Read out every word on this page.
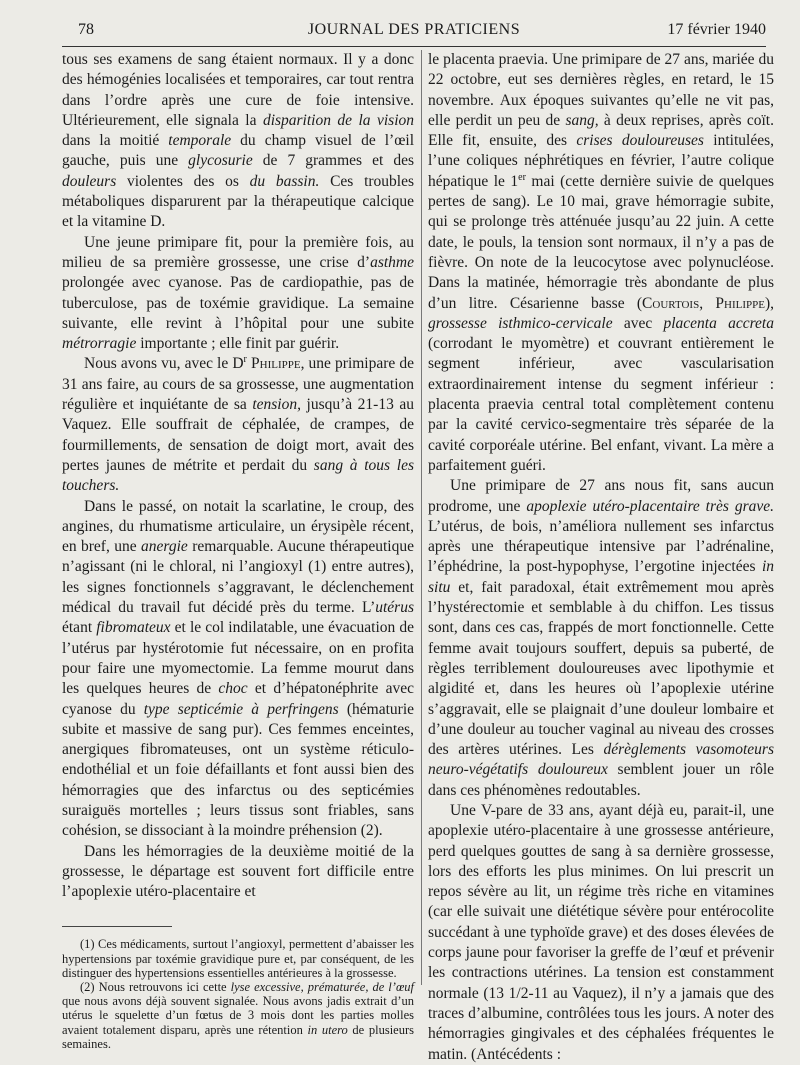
78	JOURNAL DES PRATICIENS	17 février 1940

tous ses examens de sang étaient normaux. Il y a donc des hémogénies localisées et temporaires, car tout rentra dans l’ordre après une cure de foie intensive. Ultérieurement, elle signala la disparition de la vision dans la moitié temporale du champ visuel de l’œil gauche, puis une glycosurie de 7 grammes et des douleurs violentes des os du bassin. Ces troubles métaboliques disparurent par la thérapeutique calcique et la vitamine D.

Une jeune primipare fit, pour la première fois, au milieu de sa première grossesse, une crise d’asthme prolongée avec cyanose. Pas de cardiopathie, pas de tuberculose, pas de toxémie gravidique. La semaine suivante, elle revint à l’hôpital pour une subite métrorragie importante ; elle finit par guérir.

Nous avons vu, avec le $D^r$ Philippe, une primipare de 31 ans faire, au cours de sa grossesse, une augmentation régulière et inquiétante de sa tension, jusqu’à 21-13 au Vaquez. Elle souffrait de céphalée, de crampes, de fourmillements, de sensation de doigt mort, avait des pertes jaunes de métrite et perdait du sang à tous les touchers.

Dans le passé, on notait la scarlatine, le croup, des angines, du rhumatisme articulaire, un érysipèle récent, en bref, une anergie remarquable. Aucune thérapeutique n’agissant (ni le chloral, ni l’angioxyl (1) entre autres), les signes fonctionnels s’aggravant, le déclenchement médical du travail fut décidé près du terme. L’utérus étant fibromateux et le col indilatable, une évacuation de l’utérus par hystérotomie fut nécessaire, on en profita pour faire une myomectomie. La femme mourut dans les quelques heures de choc et d’hépatonéphrite avec cyanose du type septicémie à perfringens (hématurie subite et massive de sang pur). Ces femmes enceintes, anergiques fibromateuses, ont un système réticulo-endothélial et un foie défaillants et font aussi bien des hémorragies que des infarctus ou des septicémies suraiguës mortelles ; leurs tissus sont friables, sans cohésion, se dissociant à la moindre préhension (2).

Dans les hémorragies de la deuxième moitié de la grossesse, le départage est souvent fort difficile entre l’apoplexie utéro-placentaire et

(1) Ces médicaments, surtout l’angioxyl, permettent d’abaisser les hypertensions par toxémie gravidique pure et, par conséquent, de les distinguer des hypertensions essentielles antérieures à la grossesse.

(2) Nous retrouvons ici cette lyse excessive, prématurée, de l’œuf que nous avons déjà souvent signalée. Nous avons jadis extrait d’un utérus le squelette d’un fœtus de 3 mois dont les parties molles avaient totalement disparu, après une rétention in utero de plusieurs semaines.

le placenta praevia. Une primipare de 27 ans, mariée du 22 octobre, eut ses dernières règles, en retard, le 15 novembre. Aux époques suivantes qu’elle ne vit pas, elle perdit un peu de sang, à deux reprises, après coït. Elle fit, ensuite, des crises douloureuses intitulées, l’une coliques néphrétiques en février, l’autre colique hépatique le 1er mai (cette dernière suivie de quelques pertes de sang). Le 10 mai, grave hémorragie subite, qui se prolonge très atténuée jusqu’au 22 juin. A cette date, le pouls, la tension sont normaux, il n’y a pas de fièvre. On note de la leucocytose avec polynucléose. Dans la matinée, hémorragie très abondante de plus d’un litre. Césarienne basse (Courtois, Philippe), grossesse isthmico-cervicale avec placenta accreta (corrodant le myomètre) et couvrant entièrement le segment inférieur, avec vascularisation extraordinairement intense du segment inférieur : placenta praevia central total complètement contenu par la cavité cervico-segmentaire très séparée de la cavité corporéale utérine. Bel enfant, vivant. La mère a parfaitement guéri.

Une primipare de 27 ans nous fit, sans aucun prodrome, une apoplexie utéro-placentaire très grave. L’utérus, de bois, n’améliora nullement ses infarctus après une thérapeutique intensive par l’adrénaline, l’éphédrine, la post-hypophyse, l’ergotine injectées in situ et, fait paradoxal, était extrêmement mou après l’hystérectomie et semblable à du chiffon. Les tissus sont, dans ces cas, frappés de mort fonctionnelle. Cette femme avait toujours souffert, depuis sa puberté, de règles terriblement douloureuses avec lipothymie et algidité et, dans les heures où l’apoplexie utérine s’aggravait, elle se plaignait d’une douleur lombaire et d’une douleur au toucher vaginal au niveau des crosses des artères utérines. Les dérèglements vasomoteurs neuro-végétatifs douloureux semblent jouer un rôle dans ces phénomènes redoutables.

Une V-pare de 33 ans, ayant déjà eu, parait-il, une apoplexie utéro-placentaire à une grossesse antérieure, perd quelques gouttes de sang à sa dernière grossesse, lors des efforts les plus minimes. On lui prescrit un repos sévère au lit, un régime très riche en vitamines (car elle suivait une diététique sévère pour entérocolite succédant à une typhoïde grave) et des doses élevées de corps jaune pour favoriser la greffe de l’œuf et prévenir les contractions utérines. La tension est constamment normale (13 1/2-11 au Vaquez), il n’y a jamais que des traces d’albumine, contrôlées tous les jours. A noter des hémorragies gingivales et des céphalées fréquentes le matin. (Antécédents :
